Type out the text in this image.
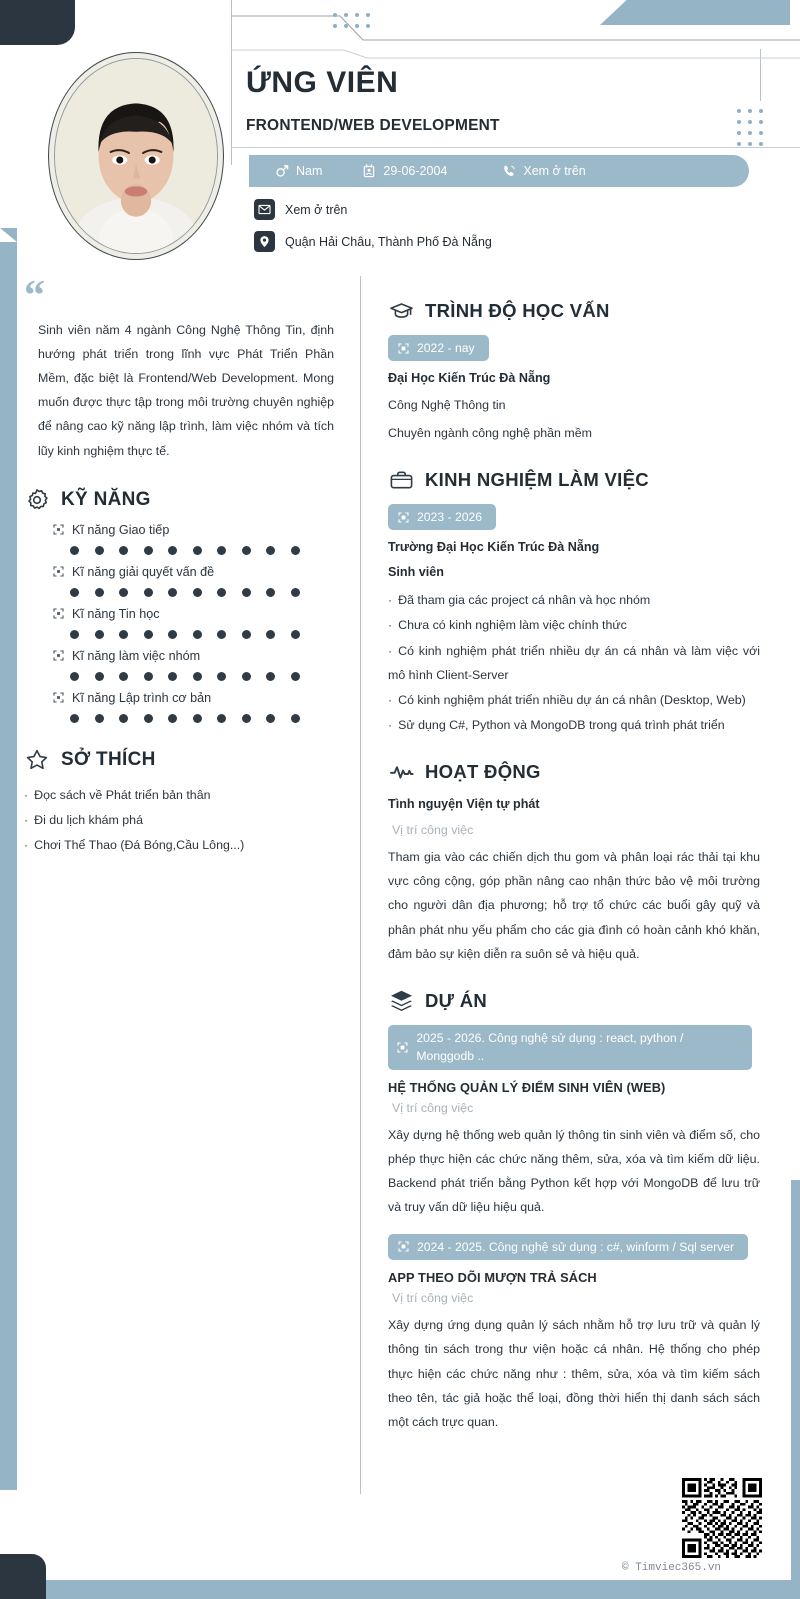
ỨNG VIÊN
FRONTEND/WEB DEVELOPMENT
Nam	29-06-2004	Xem ở trên
Xem ở trên
Quận Hải Châu, Thành Phố Đà Nẵng
“

Sinh viên năm 4 ngành Công Nghệ Thông Tin, định hướng phát triển trong lĩnh vực Phát Triển Phần Mềm, đặc biệt là Frontend/Web Development. Mong muốn được thực tập trong môi trường chuyên nghiệp để nâng cao kỹ năng lập trình, làm việc nhóm và tích lũy kinh nghiệm thực tế.

KỸ NĂNG
Kĩ năng Giao tiếp
Kĩ năng giải quyết vấn đề
Kĩ năng Tin học
Kĩ năng làm việc nhóm
Kĩ năng Lập trình cơ bản
SỞ THÍCH
· Đọc sách về Phát triển bản thân
· Đi du lịch khám phá
· Chơi Thể Thao (Đá Bóng,Cầu Lông...)
TRÌNH ĐỘ HỌC VẤN
2022 - nay
Đại Học Kiến Trúc Đà Nẵng
Công Nghệ Thông tin
Chuyên ngành công nghệ phần mềm
KINH NGHIỆM LÀM VIỆC
2023 - 2026
Trường Đại Học Kiến Trúc Đà Nẵng
Sinh viên
· Đã tham gia các project cá nhân và học nhóm
· Chưa có kinh nghiệm làm việc chính thức
· Có kinh nghiệm phát triển nhiều dự án cá nhân và làm việc với mô hình Client-Server
· Có kinh nghiệm phát triển nhiều dự án cá nhân (Desktop, Web)
· Sử dụng C#, Python và MongoDB trong quá trình phát triển
HOẠT ĐỘNG
Tình nguyện Viện tự phát
Vị trí công việc
Tham gia vào các chiến dịch thu gom và phân loại rác thải tại khu vực công cộng, góp phần nâng cao nhận thức bảo vệ môi trường cho người dân địa phương; hỗ trợ tổ chức các buổi gây quỹ và phân phát nhu yếu phẩm cho các gia đình có hoàn cảnh khó khăn, đảm bảo sự kiện diễn ra suôn sẻ và hiệu quả.
DỰ ÁN
2025 - 2026. Công nghệ sử dụng : react, python / Monggodb ..
HỆ THỐNG QUẢN LÝ ĐIỂM SINH VIÊN (WEB)
Vị trí công việc
Xây dựng hệ thống web quản lý thông tin sinh viên và điểm số, cho phép thực hiện các chức năng thêm, sửa, xóa và tìm kiếm dữ liệu. Backend phát triển bằng Python kết hợp với MongoDB để lưu trữ và truy vấn dữ liệu hiệu quả.
2024 - 2025. Công nghệ sử dụng : c#, winform / Sql server
APP THEO DÕI MƯỢN TRẢ SÁCH
Vị trí công việc
Xây dựng ứng dụng quản lý sách nhằm hỗ trợ lưu trữ và quản lý thông tin sách trong thư viện hoặc cá nhân. Hệ thống cho phép thực hiện các chức năng như : thêm, sửa, xóa và tìm kiếm sách theo tên, tác giả hoặc thể loại, đồng thời hiển thị danh sách sách một cách trực quan.
© Timviec365.vn
